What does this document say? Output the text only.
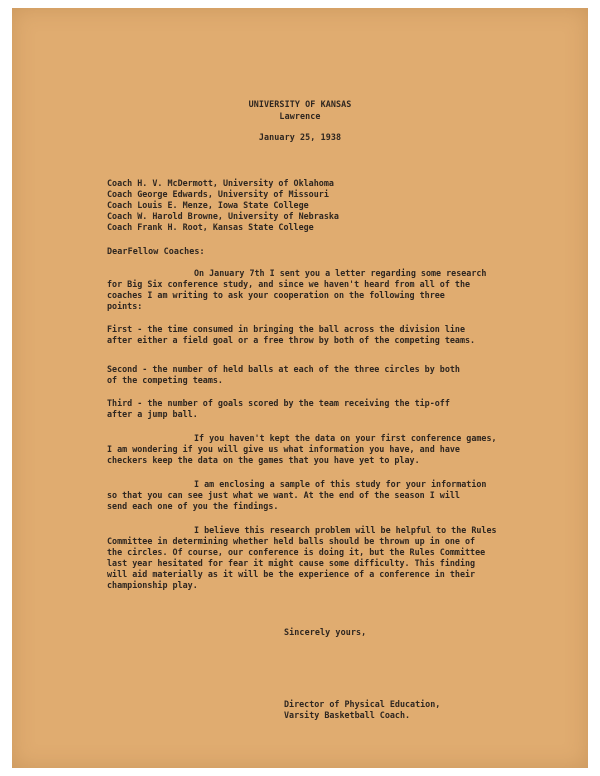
UNIVERSITY OF KANSAS
Lawrence
January 25, 1938
Coach H. V. McDermott, University of Oklahoma
Coach George Edwards, University of Missouri
Coach Louis E. Menze, Iowa State College
Coach W. Harold Browne, University of Nebraska
Coach Frank H. Root, Kansas State College
DearFellow Coaches:
On January 7th I sent you a letter regarding some research
for Big Six conference study, and since we haven't heard from all of the
coaches I am writing to ask your cooperation on the following three
points:
First - the time consumed in bringing the ball across the division line
after either a field goal or a free throw by both of the competing teams.
Second - the number of held balls at each of the three circles by both
of the competing teams.
Third - the number of goals scored by the team receiving the tip-off
after a jump ball.
If you haven't kept the data on your first conference games,
I am wondering if you will give us what information you have, and have
checkers keep the data on the games that you have yet to play.
I am enclosing a sample of this study for your information
so that you can see just what we want. At the end of the season I will
send each one of you the findings.
I believe this research problem will be helpful to the Rules
Committee in determining whether held balls should be thrown up in one of
the circles. Of course, our conference is doing it, but the Rules Committee
last year hesitated for fear it might cause some difficulty. This finding
will aid materially as it will be the experience of a conference in their
championship play.
Sincerely yours,
Director of Physical Education,
Varsity Basketball Coach.
